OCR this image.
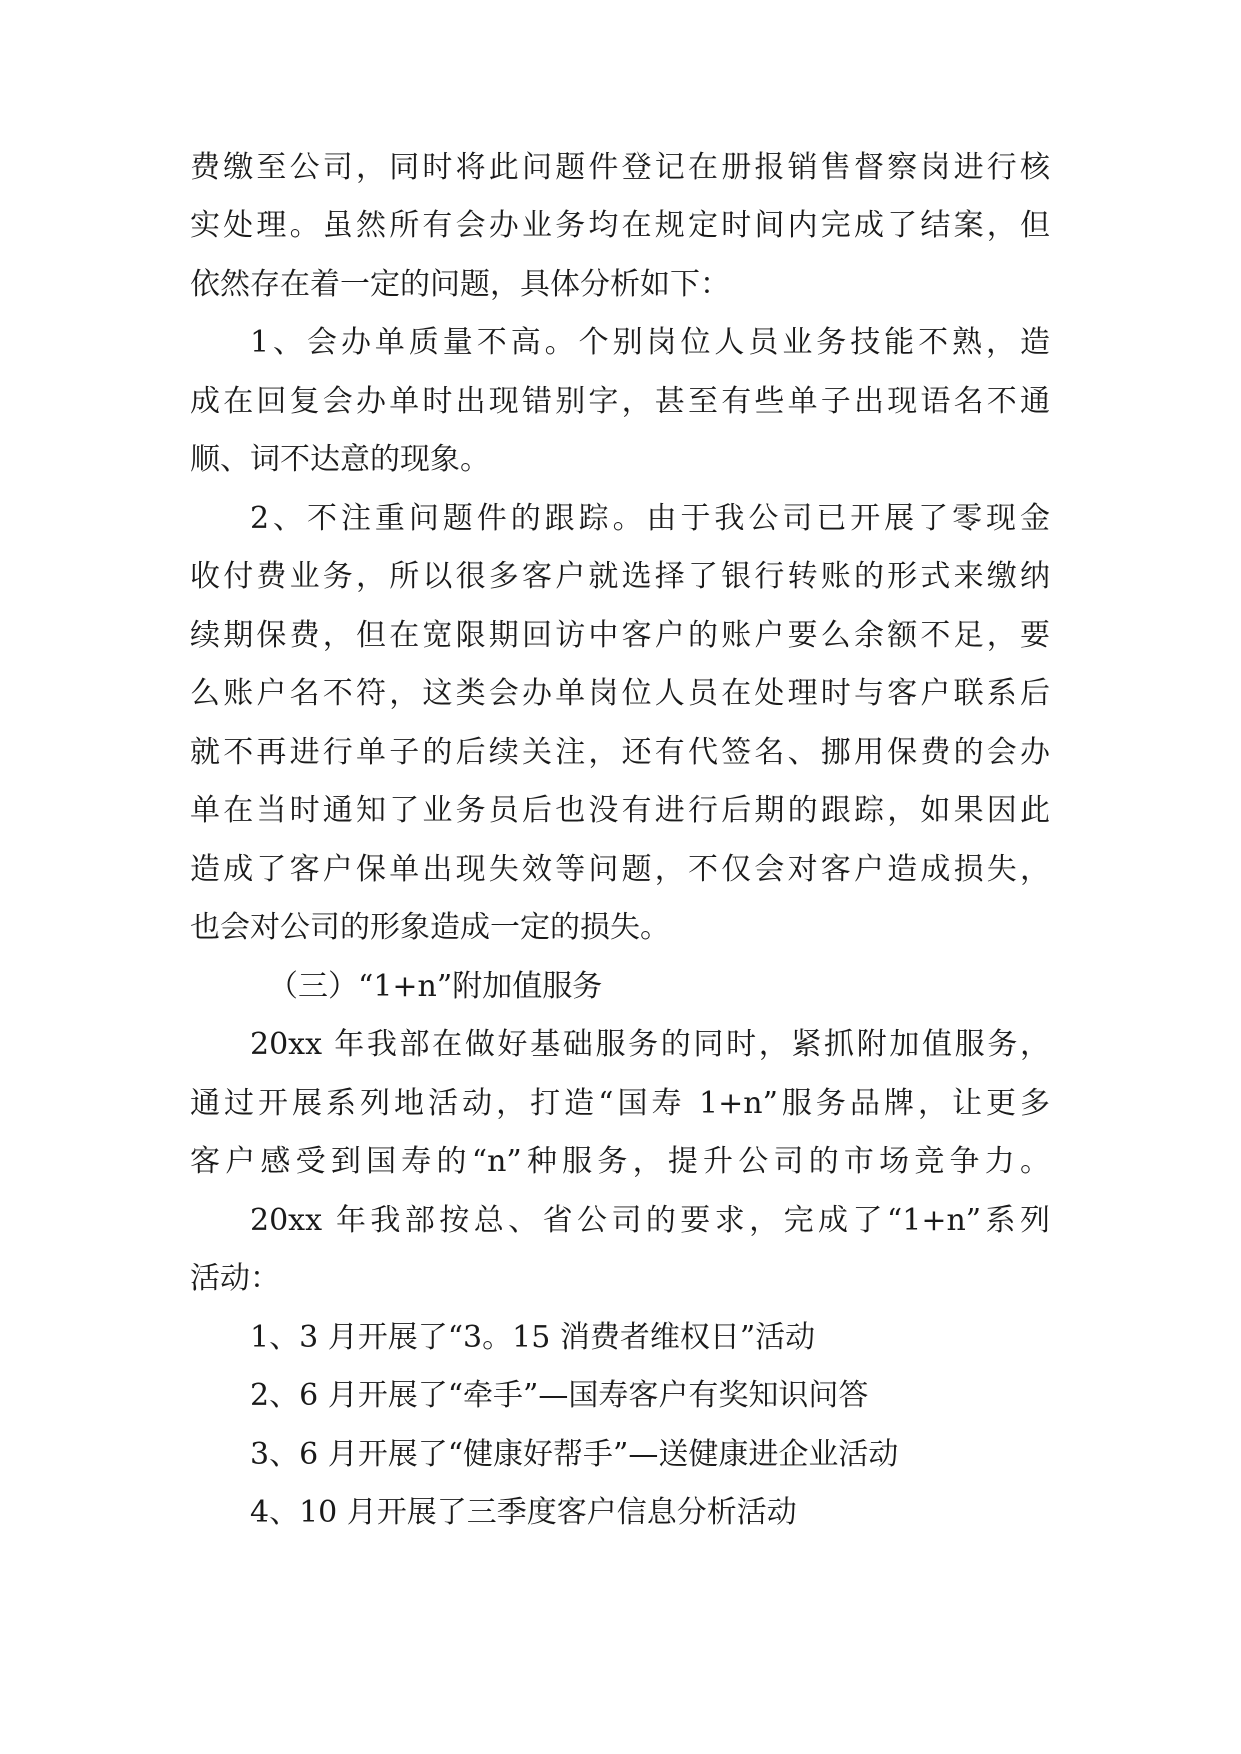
费缴至公司，同时将此问题件登记在册报销售督察岗进行核
实处理。虽然所有会办业务均在规定时间内完成了结案，但
依然存在着一定的问题，具体分析如下：
1、会办单质量不高。个别岗位人员业务技能不熟，造
成在回复会办单时出现错别字，甚至有些单子出现语名不通
顺、词不达意的现象。
2、不注重问题件的跟踪。由于我公司已开展了零现金
收付费业务，所以很多客户就选择了银行转账的形式来缴纳
续期保费，但在宽限期回访中客户的账户要么余额不足，要
么账户名不符，这类会办单岗位人员在处理时与客户联系后
就不再进行单子的后续关注，还有代签名、挪用保费的会办
单在当时通知了业务员后也没有进行后期的跟踪，如果因此
造成了客户保单出现失效等问题，不仅会对客户造成损失，
也会对公司的形象造成一定的损失。
（三）“1+n”附加值服务
20xx 年我部在做好基础服务的同时，紧抓附加值服务，
通过开展系列地活动，打造“国寿 1+n”服务品牌，让更多
客户感受到国寿的“n”种服务，提升公司的市场竞争力。
20xx 年我部按总、省公司的要求，完成了“1+n”系列
活动：
1、3 月开展了“3。15 消费者维权日”活动
2、6 月开展了“牵手”—国寿客户有奖知识问答
3、6 月开展了“健康好帮手”—送健康进企业活动
4、10 月开展了三季度客户信息分析活动
